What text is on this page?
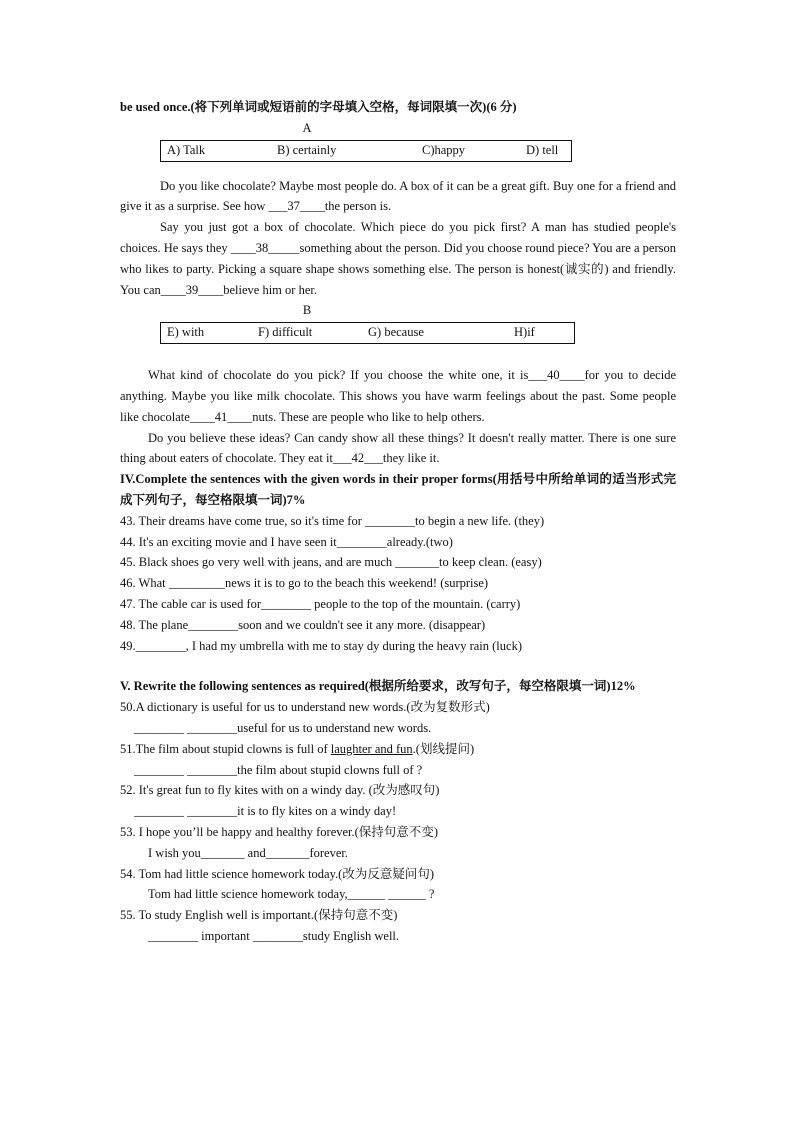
be used once.(将下列单词或短语前的字母填入空格，每词限填一次)(6 分)
A
A) Talk	B) certainly	C)happy	D) tell
Do you like chocolate? Maybe most people do. A box of it can be a great gift. Buy one for a friend and give it as a surprise. See how ___37____the person is.
Say you just got a box of chocolate. Which piece do you pick first? A man has studied people's choices. He says they ____38_____something about the person. Did you choose round piece? You are a person who likes to party. Picking a square shape shows something else. The person is honest(诚实的) and friendly. You can____39____believe him or her.
B
E) with	F) difficult	G) because	H)if
What kind of chocolate do you pick? If you choose the white one, it is___40____for you to decide anything. Maybe you like milk chocolate. This shows you have warm feelings about the past. Some people like chocolate____41____nuts. These are people who like to help others.
Do you believe these ideas? Can candy show all these things? It doesn't really matter. There is one sure thing about eaters of chocolate. They eat it___42___they like it.
IV.Complete the sentences with the given words in their proper forms(用括号中所给单词的适当形式完成下列句子，每空格限填一词)7%
43. Their dreams have come true, so it's time for ________to begin a new life. (they)
44. It's an exciting movie and I have seen it________already.(two)
45. Black shoes go very well with jeans, and are much _______to keep clean. (easy)
46. What _________news it is to go to the beach this weekend! (surprise)
47. The cable car is used for________ people to the top of the mountain. (carry)
48. The plane________soon and we couldn't see it any more. (disappear)
49.________, I had my umbrella with me to stay dy during the heavy rain (luck)
V. Rewrite the following sentences as required(根据所给要求，改写句子，每空格限填一词)12%
50.A dictionary is useful for us to understand new words.(改为复数形式)
________ ________useful for us to understand new words.
51.The film about stupid clowns is full of laughter and fun.(划线提问)
________ ________the film about stupid clowns full of ?
52. It's great fun to fly kites with on a windy day. (改为感叹句)
________ ________it is to fly kites on a windy day!
53. I hope you’ll be happy and healthy forever.(保持句意不变)
I wish you_______ and_______forever.
54. Tom had little science homework today.(改为反意疑问句)
Tom had little science homework today,______ ______ ?
55. To study English well is important.(保持句意不变)
________ important ________study English well.
